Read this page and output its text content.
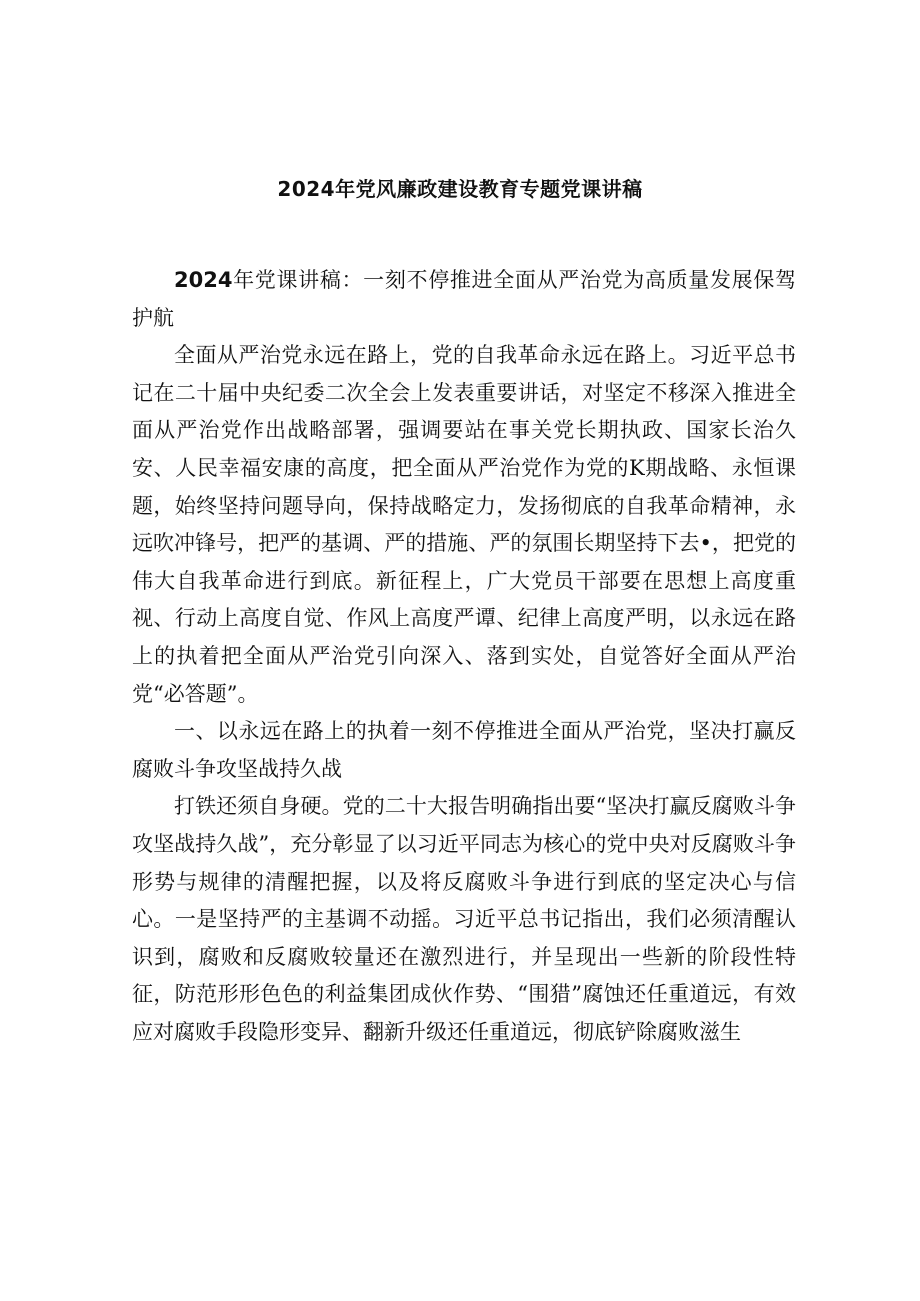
2024年党风廉政建设教育专题党课讲稿

2024年党课讲稿：一刻不停推进全面从严治党为高质量发展保驾护航

全面从严治党永远在路上，党的自我革命永远在路上。习近平总书记在二十届中央纪委二次全会上发表重要讲话，对坚定不移深入推进全面从严治党作出战略部署，强调要站在事关党长期执政、国家长治久安、人民幸福安康的高度，把全面从严治党作为党的K期战略、永恒课题，始终坚持问题导向，保持战略定力，发扬彻底的自我革命精神，永远吹冲锋号，把严的基调、严的措施、严的氛围长期坚持下去•，把党的伟大自我革命进行到底。新征程上，广大党员干部要在思想上高度重视、行动上高度自觉、作风上高度严谭、纪律上高度严明，以永远在路上的执着把全面从严治党引向深入、落到实处，自觉答好全面从严治党“必答题”。

一、以永远在路上的执着一刻不停推进全面从严治党，坚决打赢反腐败斗争攻坚战持久战

打铁还须自身硬。党的二十大报告明确指出要“坚决打赢反腐败斗争攻坚战持久战”，充分彰显了以习近平同志为核心的党中央对反腐败斗争形势与规律的清醒把握，以及将反腐败斗争进行到底的坚定决心与信心。一是坚持严的主基调不动摇。习近平总书记指出，我们必须清醒认识到，腐败和反腐败较量还在激烈进行，并呈现出一些新的阶段性特征，防范形形色色的利益集团成伙作势、“围猎”腐蚀还任重道远，有效应对腐败手段隐形变异、翻新升级还任重道远，彻底铲除腐败滋生
